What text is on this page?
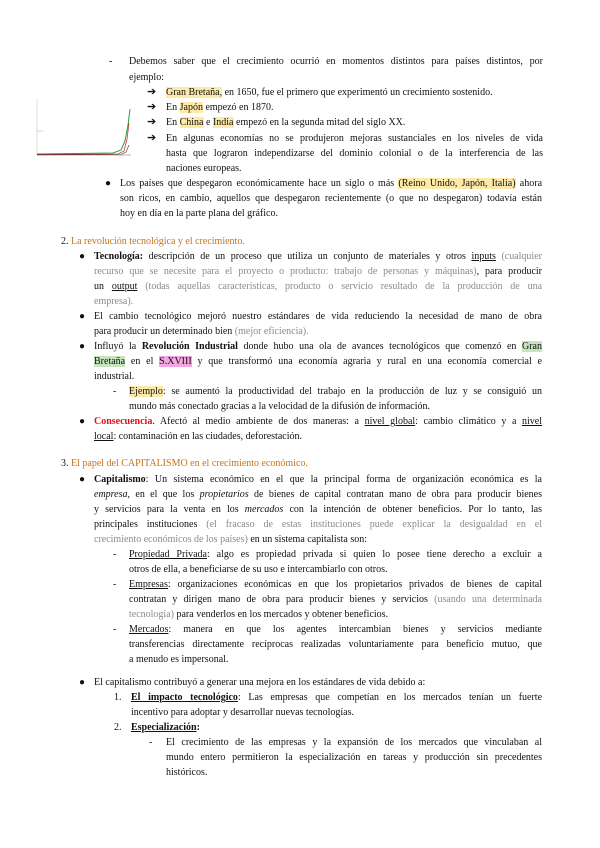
- Debemos saber que el crecimiento ocurrió en momentos distintos para países distintos, por
ejemplo:
➔ Gran Bretaña, en 1650, fue el primero que experimentó un crecimiento sostenido.
➔ En Japón empezó en 1870.
➔ En China e India empezó en la segunda mitad del siglo XX.
➔ En algunas economías no se produjeron mejoras sustanciales en los niveles de vida
hasta que lograron independizarse del dominio colonial o de la interferencia de las
naciones europeas.
● Los países que despegaron económicamente hace un siglo o más (Reino Unido, Japón, Italia) ahora
son ricos, en cambio, aquellos que despegaron recientemente (o que no despegaron) todavía están
hoy en día en la parte plana del gráfico.
2. La revolución tecnológica y el crecimiento.
● Tecnología: descripción de un proceso que utiliza un conjunto de materiales y otros inputs (cualquier
recurso que se necesite para el proyecto o producto: trabajo de personas y máquinas), para producir
un output (todas aquellas características, producto o servicio resultado de la producción de una
empresa).
● El cambio tecnológico mejoró nuestro estándares de vida reduciendo la necesidad de mano de obra
para producir un determinado bien (mejor eficiencia).
● Influyó la Revolución Industrial donde hubo una ola de avances tecnológicos que comenzó en Gran
Bretaña en el S.XVIII y que transformó una economía agraria y rural en una economía comercial e
industrial.
- Ejemplo: se aumentó la productividad del trabajo en la producción de luz y se consiguió un
mundo más conectado gracias a la velocidad de la difusión de información.
● Consecuencia. Afectó al medio ambiente de dos maneras: a nivel global: cambio climático y a nivel
local: contaminación en las ciudades, deforestación.
3. El papel del CAPITALISMO en el crecimiento económico.
● Capitalismo: Un sistema económico en el que la principal forma de organización económica es la
empresa, en el que los propietarios de bienes de capital contratan mano de obra para producir bienes
y servicios para la venta en los mercados con la intención de obtener beneficios. Por lo tanto, las
principales instituciones (el fracaso de estas instituciones puede explicar la desigualdad en el
crecimiento económicos de los países) en un sistema capitalista son:
- Propiedad Privada: algo es propiedad privada si quien lo posee tiene derecho a excluir a
otros de ella, a beneficiarse de su uso e intercambiarlo con otros.
- Empresas: organizaciones económicas en que los propietarios privados de bienes de capital
contratan y dirigen mano de obra para producir bienes y servicios (usando una determinada
tecnología) para venderlos en los mercados y obtener beneficios.
- Mercados: manera en que los agentes intercambian bienes y servicios mediante
transferencias directamente recíprocas realizadas voluntariamente para beneficio mutuo, que
a menudo es impersonal.
● El capitalismo contribuyó a generar una mejora en los estándares de vida debido a:
1. El impacto tecnológico: Las empresas que competían en los mercados tenían un fuerte
incentivo para adoptar y desarrollar nuevas tecnologías.
2. Especialización:
- El crecimiento de las empresas y la expansión de los mercados que vinculaban al
mundo entero permitieron la especialización en tareas y producción sin precedentes
históricos.
